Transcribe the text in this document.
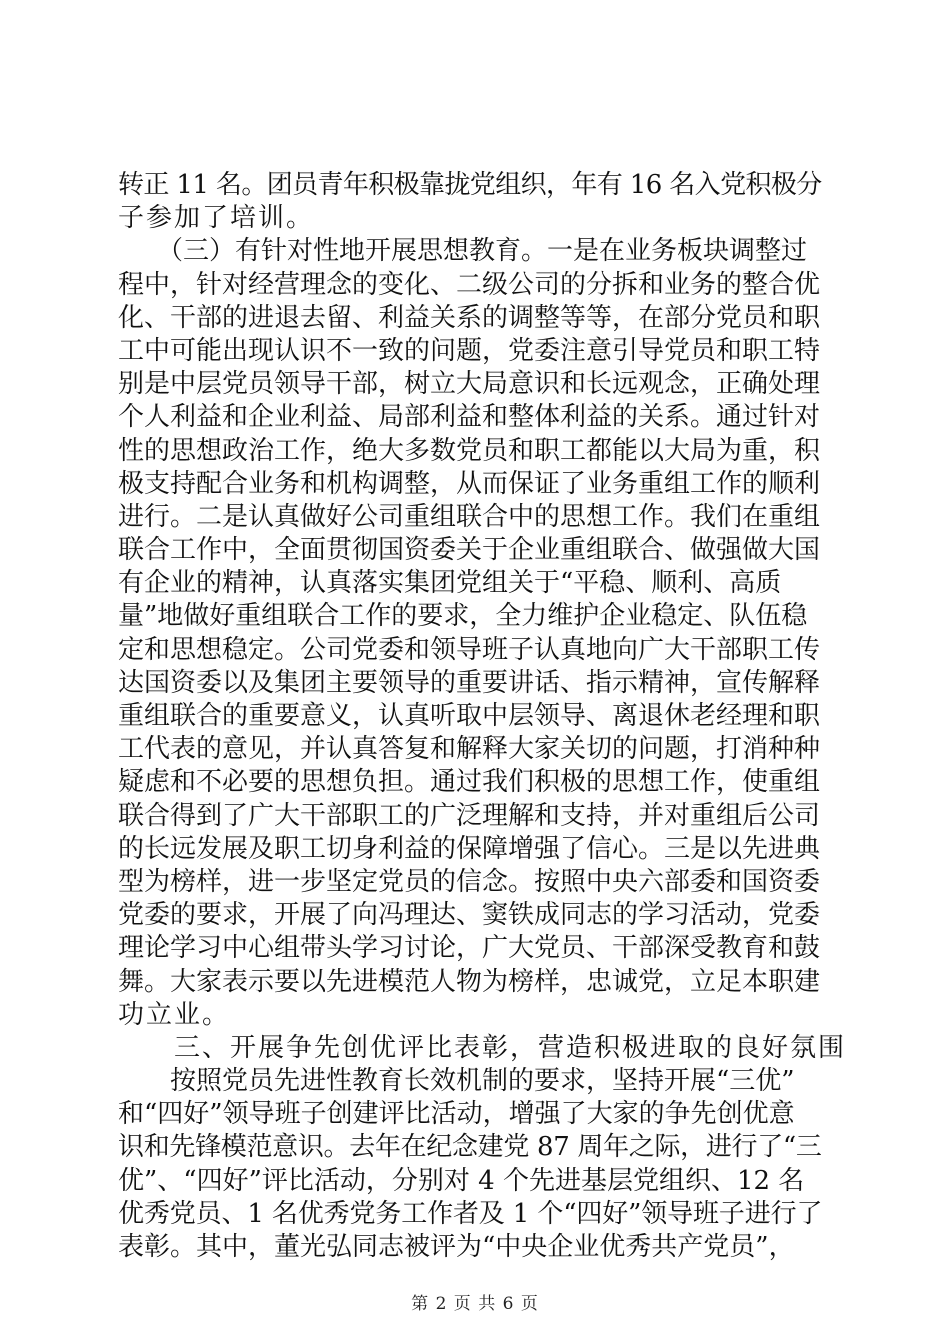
转正 11 名。团员青年积极靠拢党组织，年有 16 名入党积极分
子参加了培训。
　　（三）有针对性地开展思想教育。一是在业务板块调整过
程中，针对经营理念的变化、二级公司的分拆和业务的整合优
化、干部的进退去留、利益关系的调整等等，在部分党员和职
工中可能出现认识不一致的问题，党委注意引导党员和职工特
别是中层党员领导干部，树立大局意识和长远观念，正确处理
个人利益和企业利益、局部利益和整体利益的关系。通过针对
性的思想政治工作，绝大多数党员和职工都能以大局为重，积
极支持配合业务和机构调整，从而保证了业务重组工作的顺利
进行。二是认真做好公司重组联合中的思想工作。我们在重组
联合工作中，全面贯彻国资委关于企业重组联合、做强做大国
有企业的精神，认真落实集团党组关于“平稳、顺利、高质
量”地做好重组联合工作的要求，全力维护企业稳定、队伍稳
定和思想稳定。公司党委和领导班子认真地向广大干部职工传
达国资委以及集团主要领导的重要讲话、指示精神，宣传解释
重组联合的重要意义，认真听取中层领导、离退休老经理和职
工代表的意见，并认真答复和解释大家关切的问题，打消种种
疑虑和不必要的思想负担。通过我们积极的思想工作，使重组
联合得到了广大干部职工的广泛理解和支持，并对重组后公司
的长远发展及职工切身利益的保障增强了信心。三是以先进典
型为榜样，进一步坚定党员的信念。按照中央六部委和国资委
党委的要求，开展了向冯理达、窦铁成同志的学习活动，党委
理论学习中心组带头学习讨论，广大党员、干部深受教育和鼓
舞。大家表示要以先进模范人物为榜样，忠诚党，立足本职建
功立业。
　　三、开展争先创优评比表彰，营造积极进取的良好氛围
　　按照党员先进性教育长效机制的要求，坚持开展“三优”
和“四好”领导班子创建评比活动，增强了大家的争先创优意
识和先锋模范意识。去年在纪念建党 87 周年之际，进行了“三
优”、“四好”评比活动，分别对 4 个先进基层党组织、12 名
优秀党员、1 名优秀党务工作者及 1 个“四好”领导班子进行了
表彰。其中，董光弘同志被评为“中央企业优秀共产党员”，
第 2 页 共 6 页
